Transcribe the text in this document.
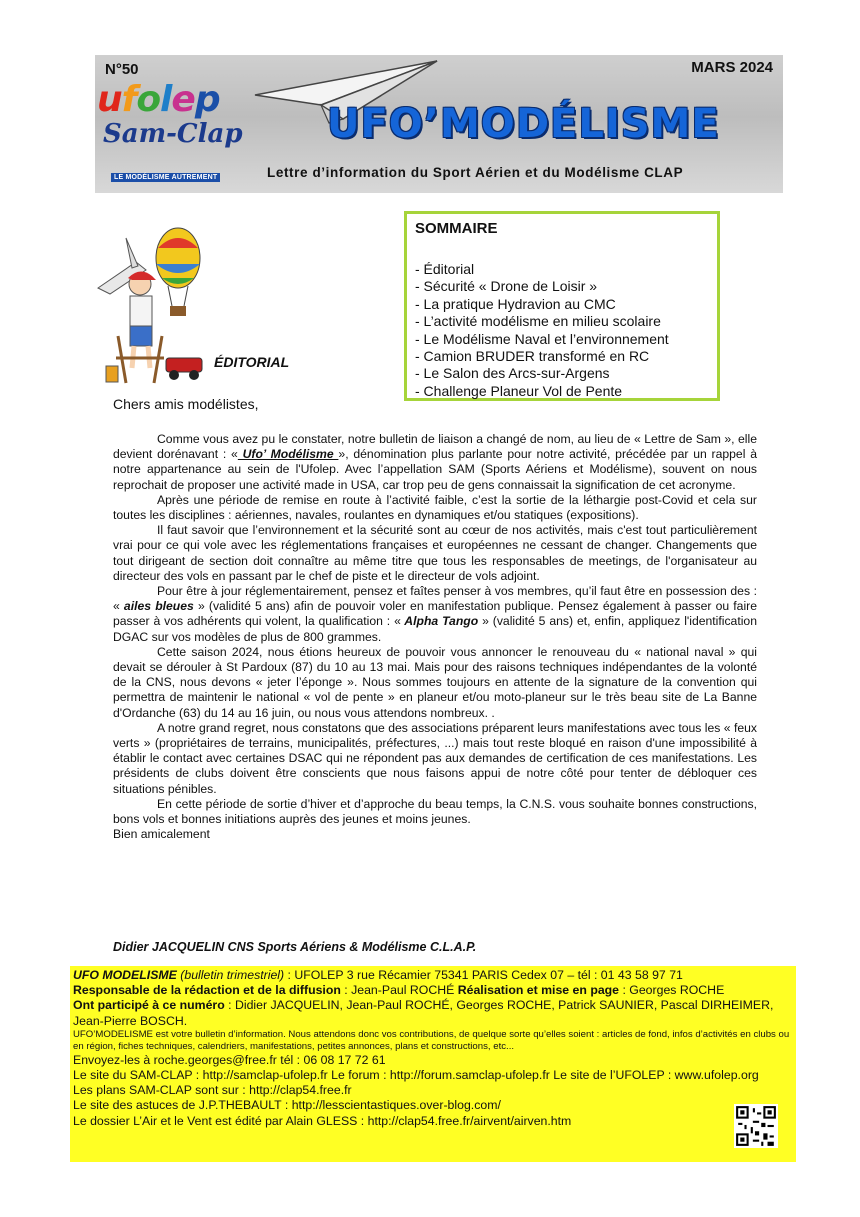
N°50	MARS 2024
ufolep
Sam-Clap
LE MODÉLISME AUTREMENT
UFO’MODÉLISME
Lettre d’information du Sport Aérien et du Modélisme CLAP
ÉDITORIAL
SOMMAIRE
- Éditorial
- Sécurité « Drone de Loisir »
- La pratique Hydravion au CMC
- L’activité modélisme en milieu scolaire
- Le Modélisme Naval et l’environnement
- Camion BRUDER transformé en RC
- Le Salon des Arcs-sur-Argens
- Challenge Planeur Vol de Pente
Chers amis modélistes,

Comme vous avez pu le constater, notre bulletin de liaison a changé de nom, au lieu de « Lettre de Sam », elle devient dorénavant : « Ufo’ Modélisme », dénomination plus parlante pour notre activité, précédée par un rappel à notre appartenance au sein de l'Ufolep. Avec l’appellation SAM (Sports Aériens et Modélisme), souvent on nous reprochait de proposer une activité made in USA, car trop peu de gens connaissait la signification de cet acronyme.

Après une période de remise en route à l’activité faible, c’est la sortie de la léthargie post-Covid et cela sur toutes les disciplines : aériennes, navales, roulantes en dynamiques et/ou statiques (expositions).

Il faut savoir que l’environnement et la sécurité sont au cœur de nos activités, mais c'est tout particulièrement vrai pour ce qui vole avec les réglementations françaises et européennes ne cessant de changer. Changements que tout dirigeant de section doit connaître au même titre que tous les responsables de meetings, de l'organisateur au directeur des vols en passant par le chef de piste et le directeur de vols adjoint.

Pour être à jour réglementairement, pensez et faîtes penser à vos membres, qu’il faut être en possession des : « ailes bleues » (validité 5 ans) afin de pouvoir voler en manifestation publique. Pensez également à passer ou faire passer à vos adhérents qui volent, la qualification : « Alpha Tango » (validité 5 ans) et, enfin, appliquez l'identification DGAC sur vos modèles de plus de 800 grammes.

Cette saison 2024, nous étions heureux de pouvoir vous annoncer le renouveau du « national naval » qui devait se dérouler à St Pardoux (87) du 10 au 13 mai. Mais pour des raisons techniques indépendantes de la volonté de la CNS, nous devons « jeter l’éponge ». Nous sommes toujours en attente de la signature de la convention qui permettra de maintenir le national « vol de pente » en planeur et/ou moto-planeur sur le très beau site de La Banne d'Ordanche (63) du 14 au 16 juin, ou nous vous attendons nombreux. .

A notre grand regret, nous constatons que des associations préparent leurs manifestations avec tous les « feux verts » (propriétaires de terrains, municipalités, préfectures, ...) mais tout reste bloqué en raison d'une impossibilité à établir le contact avec certaines DSAC qui ne répondent pas aux demandes de certification de ces manifestations. Les présidents de clubs doivent être conscients que nous faisons appui de notre côté pour tenter de débloquer ces situations pénibles.

En cette période de sortie d’hiver et d’approche du beau temps, la C.N.S. vous souhaite bonnes constructions, bons vols et bonnes initiations auprès des jeunes et moins jeunes.

Bien amicalement

Didier JACQUELIN CNS Sports Aériens & Modélisme C.L.A.P.
UFO MODELISME (bulletin trimestriel) : UFOLEP 3 rue Récamier 75341 PARIS Cedex 07 – tél : 01 43 58 97 71
Responsable de la rédaction et de la diffusion : Jean-Paul ROCHÉ Réalisation et mise en page : Georges ROCHE
Ont participé à ce numéro : Didier JACQUELIN, Jean-Paul ROCHÉ, Georges ROCHE, Patrick SAUNIER, Pascal DIRHEIMER, Jean-Pierre BOSCH.
UFO’MODELISME est votre bulletin d’information. Nous attendons donc vos contributions, de quelque sorte qu’elles soient : articles de fond, infos d’activités en clubs ou en région, fiches techniques, calendriers, manifestations, petites annonces, plans et constructions, etc...
Envoyez-les à roche.georges@free.fr tél : 06 08 17 72 61
Le site du SAM-CLAP : http://samclap-ufolep.fr Le forum : http://forum.samclap-ufolep.fr Le site de l’UFOLEP : www.ufolep.org
Les plans SAM-CLAP sont sur : http://clap54.free.fr
Le site des astuces de J.P.THEBAULT : http://lesscientastiques.over-blog.com/
Le dossier L’Air et le Vent est édité par Alain GLESS : http://clap54.free.fr/airvent/airven.htm
